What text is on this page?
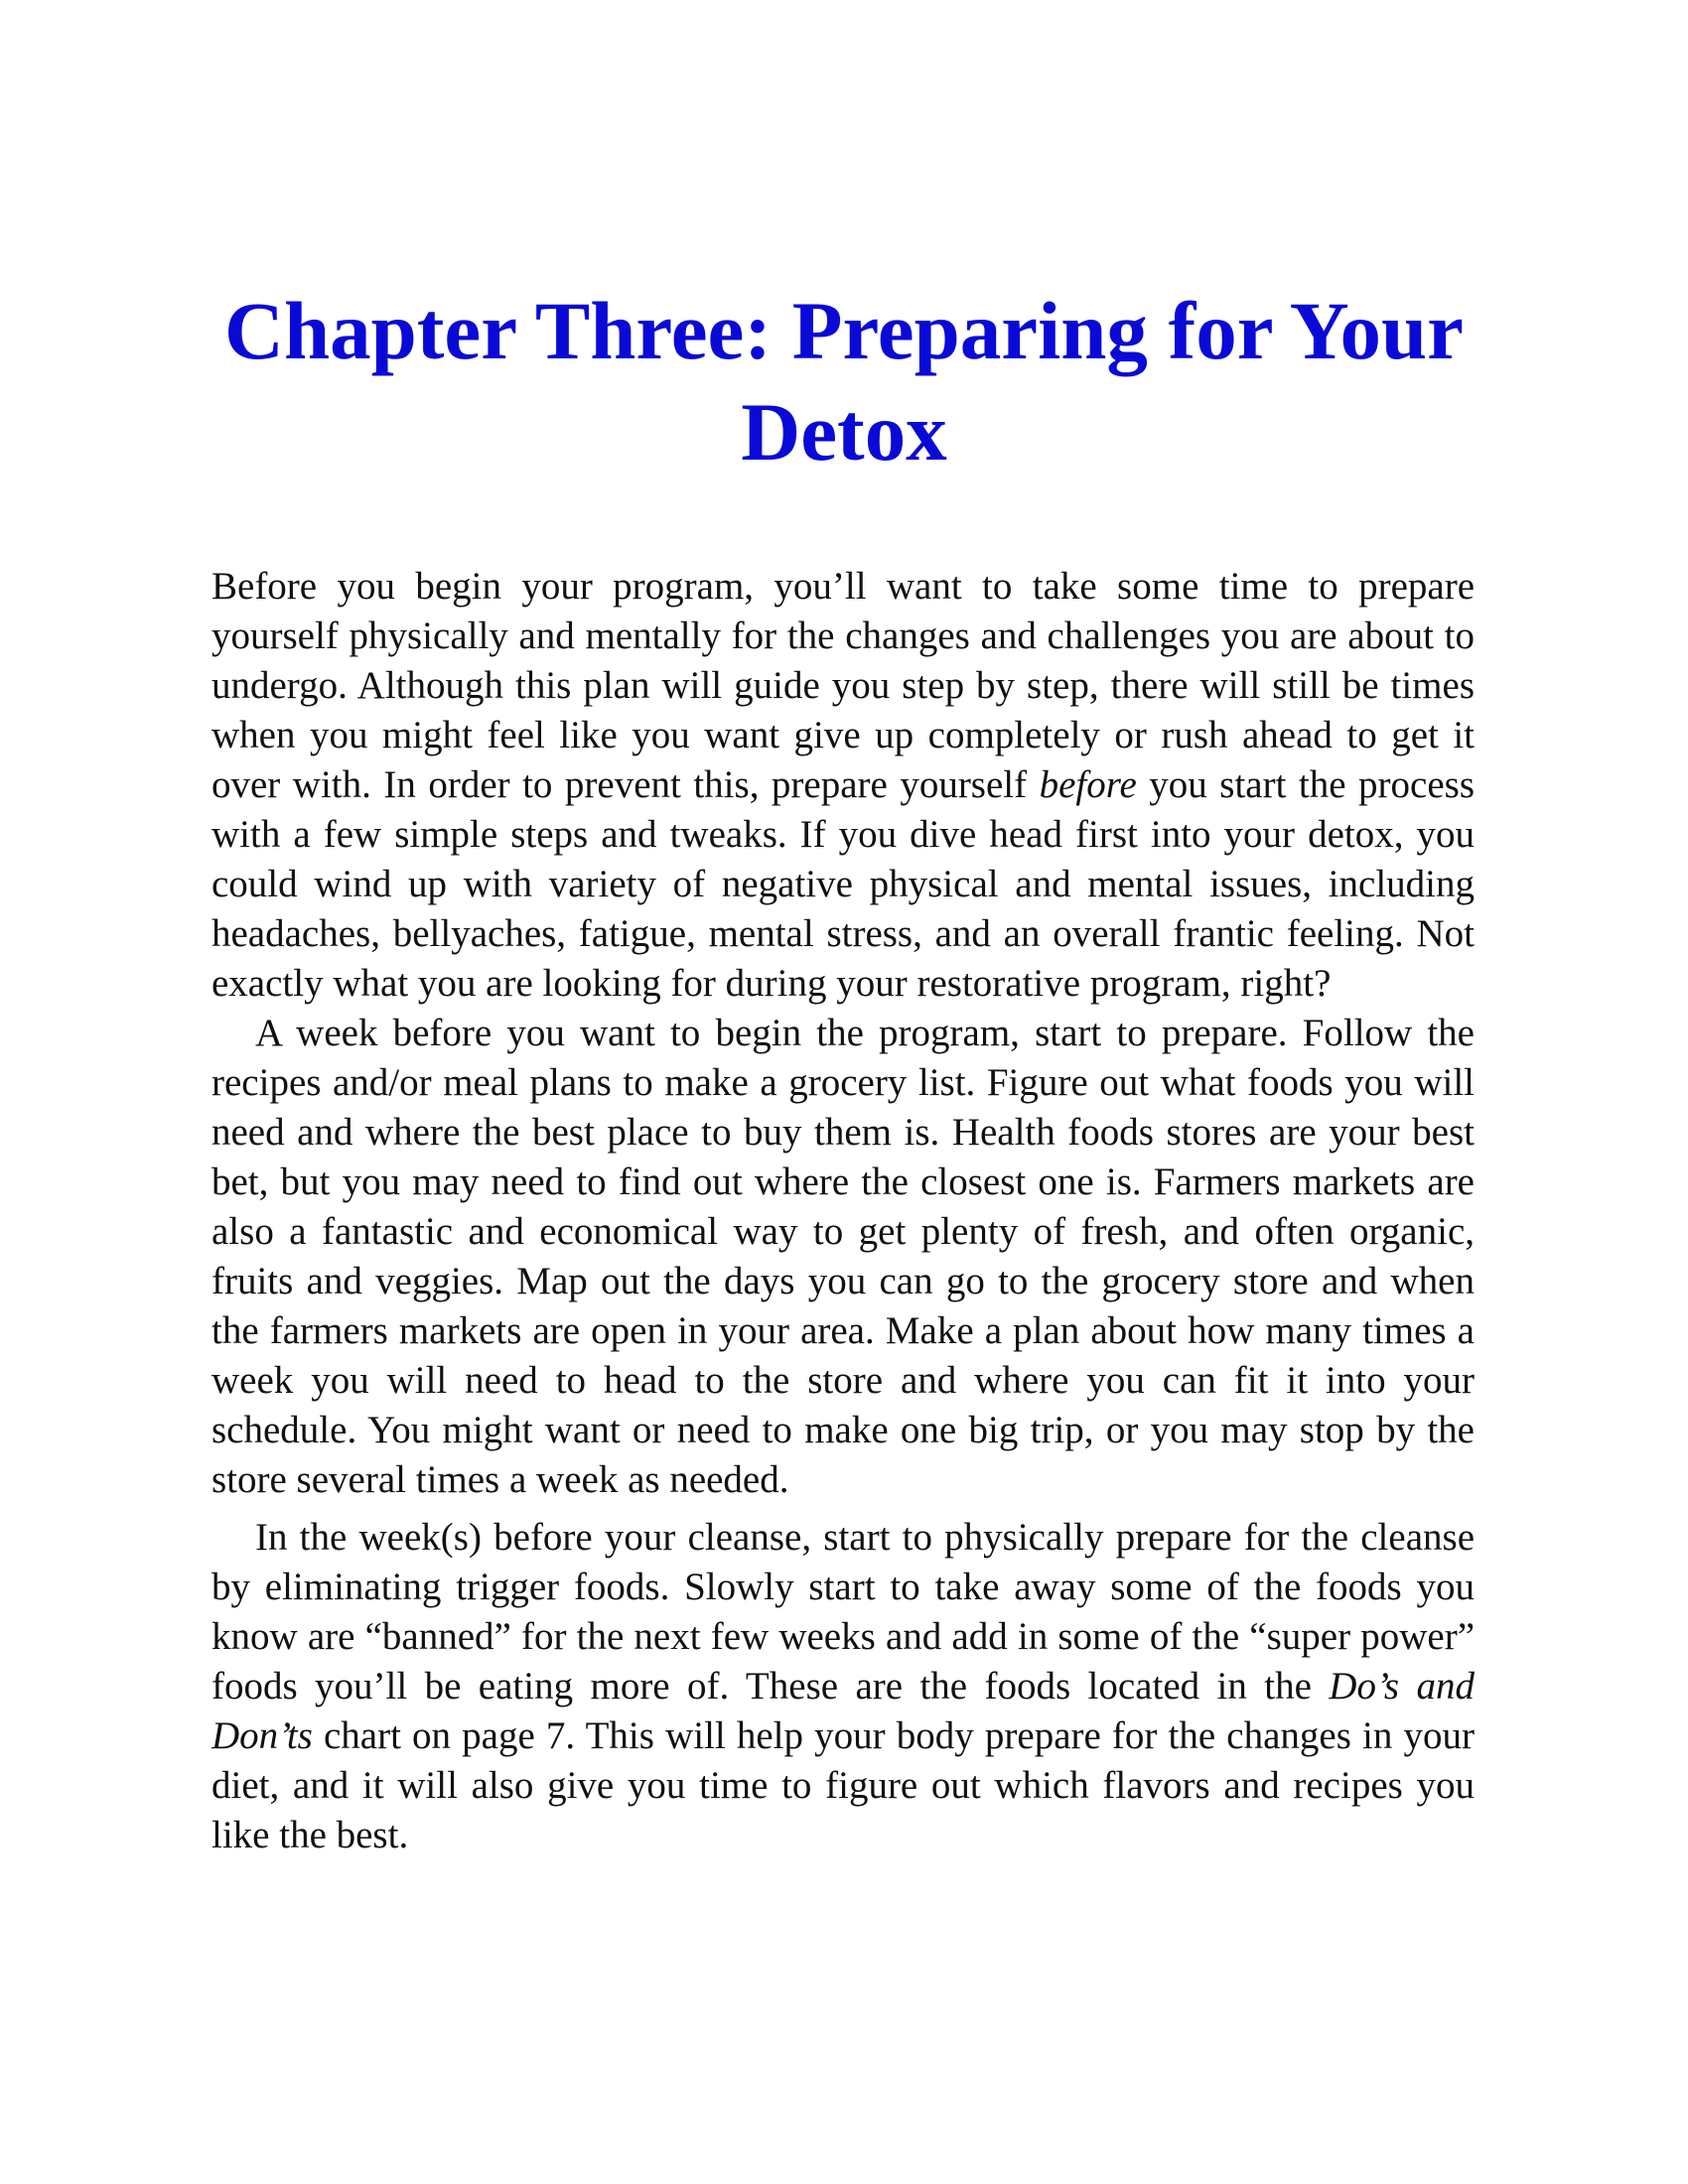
Chapter Three: Preparing for Your Detox

Before you begin your program, you’ll want to take some time to prepare yourself physically and mentally for the changes and challenges you are about to undergo. Although this plan will guide you step by step, there will still be times when you might feel like you want give up completely or rush ahead to get it over with. In order to prevent this, prepare yourself before you start the process with a few simple steps and tweaks. If you dive head first into your detox, you could wind up with variety of negative physical and mental issues, including headaches, bellyaches, fatigue, mental stress, and an overall frantic feeling. Not exactly what you are looking for during your restorative program, right?

A week before you want to begin the program, start to prepare. Follow the recipes and/or meal plans to make a grocery list. Figure out what foods you will need and where the best place to buy them is. Health foods stores are your best bet, but you may need to find out where the closest one is. Farmers markets are also a fantastic and economical way to get plenty of fresh, and often organic, fruits and veggies. Map out the days you can go to the grocery store and when the farmers markets are open in your area. Make a plan about how many times a week you will need to head to the store and where you can fit it into your schedule. You might want or need to make one big trip, or you may stop by the store several times a week as needed.

In the week(s) before your cleanse, start to physically prepare for the cleanse by eliminating trigger foods. Slowly start to take away some of the foods you know are “banned” for the next few weeks and add in some of the “super power” foods you’ll be eating more of. These are the foods located in the Do’s and Don’ts chart on page 7. This will help your body prepare for the changes in your diet, and it will also give you time to figure out which flavors and recipes you like the best.
